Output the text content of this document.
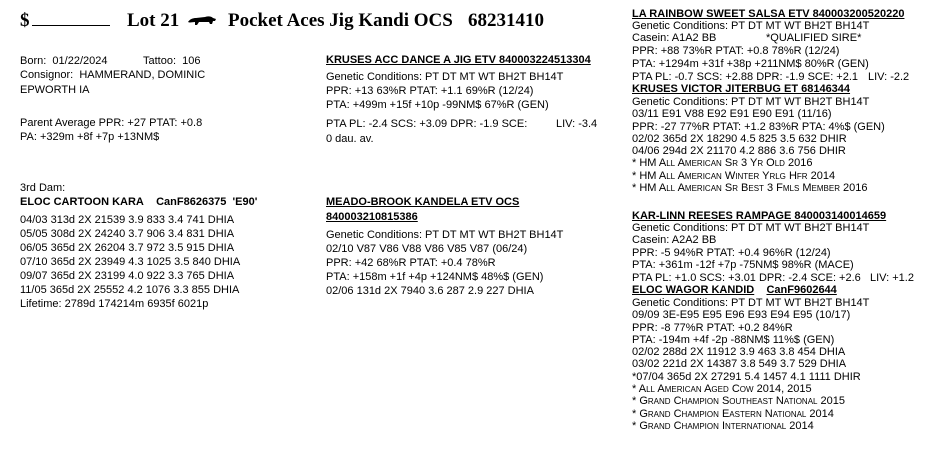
$	Lot 21	Pocket Aces Jig Kandi OCS 68231410
Born: 01/22/2024	Tattoo: 106
Consignor: HAMMERAND, DOMINIC
EPWORTH IA
Parent Average PPR: +27 PTAT: +0.8
PA: +329m +8f +7p +13NM$
KRUSES ACC DANCE A JIG ETV 840003224513304
Genetic Conditions: PT DT MT WT BH2T BH14T
PPR: +13 63%R PTAT: +1.1 69%R (12/24)
PTA: +499m +15f +10p -99NM$ 67%R (GEN)
PTA PL: -2.4 SCS: +3.09 DPR: -1.9 SCE:	LIV: -3.4
0 dau. av.
3rd Dam:
ELOC CARTOON KARA CanF8626375 'E90'
04/03 313d 2X 21539 3.9 833 3.4 741 DHIA
05/05 308d 2X 24240 3.7 906 3.4 831 DHIA
06/05 365d 2X 26204 3.7 972 3.5 915 DHIA
07/10 365d 2X 23949 4.3 1025 3.5 840 DHIA
09/07 365d 2X 23199 4.0 922 3.3 765 DHIA
11/05 365d 2X 25552 4.2 1076 3.3 855 DHIA
Lifetime: 2789d 174214m 6935f 6021p
MEADO-BROOK KANDELA ETV OCS
840003210815386
Genetic Conditions: PT DT MT WT BH2T BH14T
02/10 V87 V86 V88 V86 V85 V87 (06/24)
PPR: +42 68%R PTAT: +0.4 78%R
PTA: +158m +1f +4p +124NM$ 48%$ (GEN)
02/06 131d 2X 7940 3.6 287 2.9 227 DHIA
LA RAINBOW SWEET SALSA ETV 840003200520220
Genetic Conditions: PT DT MT WT BH2T BH14T
Casein: A1A2 BB	*QUALIFIED SIRE*
PPR: +88 73%R PTAT: +0.8 78%R (12/24)
PTA: +1294m +31f +38p +211NM$ 80%R (GEN)
PTA PL: -0.7 SCS: +2.88 DPR: -1.9 SCE: +2.1 LIV: -2.2
KRUSES VICTOR JITERBUG ET 68146344
Genetic Conditions: PT DT MT WT BH2T BH14T
03/11 E91 V88 E92 E91 E90 E91 (11/16)
PPR: -27 77%R PTAT: +1.2 83%R PTA: 4%$ (GEN)
02/02 365d 2X 18290 4.5 825 3.5 632 DHIR
04/06 294d 2X 21170 4.2 886 3.6 756 DHIR
* HM All American Sr 3 Yr Old 2016
* HM All American Winter Yrlg Hfr 2014
* HM All American Sr Best 3 Fmls Member 2016
KAR-LINN REESES RAMPAGE 840003140014659
Genetic Conditions: PT DT MT WT BH2T BH14T
Casein: A2A2 BB
PPR: -5 94%R PTAT: +0.4 96%R (12/24)
PTA: +361m -12f +7p -75NM$ 98%R (MACE)
PTA PL: +1.0 SCS: +3.01 DPR: -2.4 SCE: +2.6 LIV: +1.2
ELOC WAGOR KANDID CanF9602644
Genetic Conditions: PT DT MT WT BH2T BH14T
09/09 3E-E95 E95 E96 E93 E94 E95 (10/17)
PPR: -8 77%R PTAT: +0.2 84%R
PTA: -194m +4f -2p -88NM$ 11%$ (GEN)
02/02 288d 2X 11912 3.9 463 3.8 454 DHIA
03/02 221d 2X 14387 3.8 549 3.7 529 DHIA
*07/04 365d 2X 27291 5.4 1457 4.1 1111 DHIR
* All American Aged Cow 2014, 2015
* Grand Champion Southeast National 2015
* Grand Champion Eastern National 2014
* Grand Champion International 2014
